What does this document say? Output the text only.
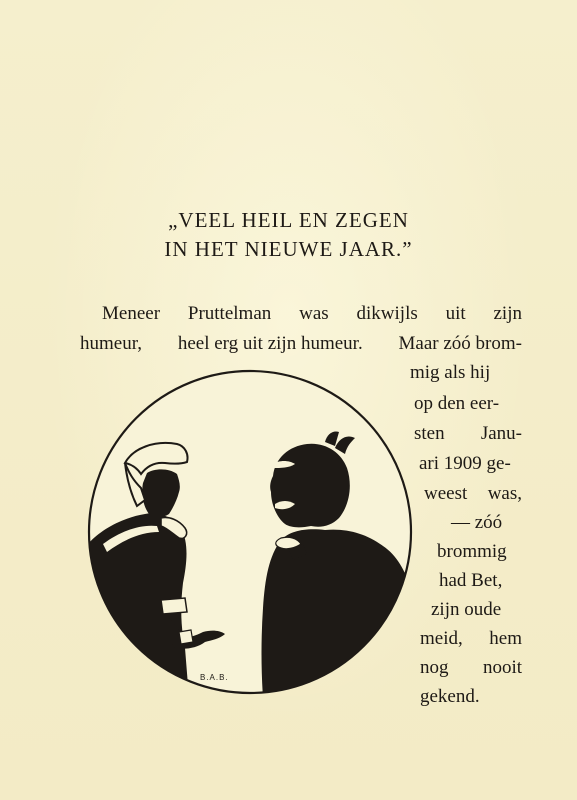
„VEEL HEIL EN ZEGEN
IN HET NIEUWE JAAR.”
Meneer Pruttelman was dikwijls uit zijn
humeur, heel erg uit zijn humeur. Maar zóó brom-
mig als hij
op den eer-
sten Janu-
ari 1909 ge-
weest was,
— zóó
brommig
had Bet,
zijn oude
meid, hem
nog nooit
gekend.
B.A.B.
